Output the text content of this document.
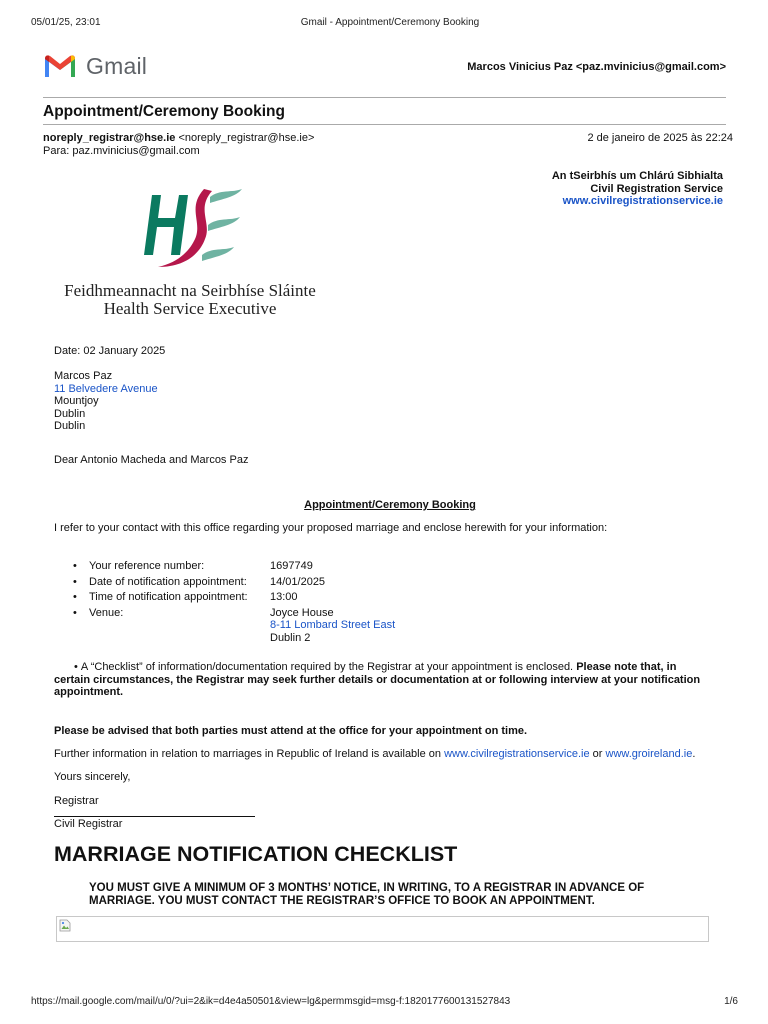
05/01/25, 23:01	Gmail - Appointment/Ceremony Booking
Gmail	Marcos Vinicius Paz <paz.mvinicius@gmail.com>
Appointment/Ceremony Booking
noreply_registrar@hse.ie <noreply_registrar@hse.ie>
Para: paz.mvinicius@gmail.com
2 de janeiro de 2025 às 22:24
An tSeirbhís um Chlárú Sibhialta
Civil Registration Service
www.civilregistrationservice.ie
Feidhmeannacht na Seirbhíse Sláinte
Health Service Executive
Date: 02 January 2025
Marcos Paz
11 Belvedere Avenue
Mountjoy
Dublin
Dublin
Dear Antonio Macheda and Marcos Paz
Appointment/Ceremony Booking
I refer to your contact with this office regarding your proposed marriage and enclose herewith for your information:
•	Your reference number:	1697749
•	Date of notification appointment:	14/01/2025
•	Time of notification appointment:	13:00
•	Venue:	Joyce House
8-11 Lombard Street East
Dublin 2
• A “Checklist” of information/documentation required by the Registrar at your appointment is enclosed. Please note that, in certain circumstances, the Registrar may seek further details or documentation at or following interview at your notification appointment.
Please be advised that both parties must attend at the office for your appointment on time.
Further information in relation to marriages in Republic of Ireland is available on www.civilregistrationservice.ie or www.groireland.ie.
Yours sincerely,
Registrar
Civil Registrar
MARRIAGE NOTIFICATION CHECKLIST
YOU MUST GIVE A MINIMUM OF 3 MONTHS’ NOTICE, IN WRITING, TO A REGISTRAR IN ADVANCE OF MARRIAGE. YOU MUST CONTACT THE REGISTRAR’S OFFICE TO BOOK AN APPOINTMENT.
https://mail.google.com/mail/u/0/?ui=2&ik=d4e4a50501&view=lg&permmsgid=msg-f:1820177600131527843	1/6
